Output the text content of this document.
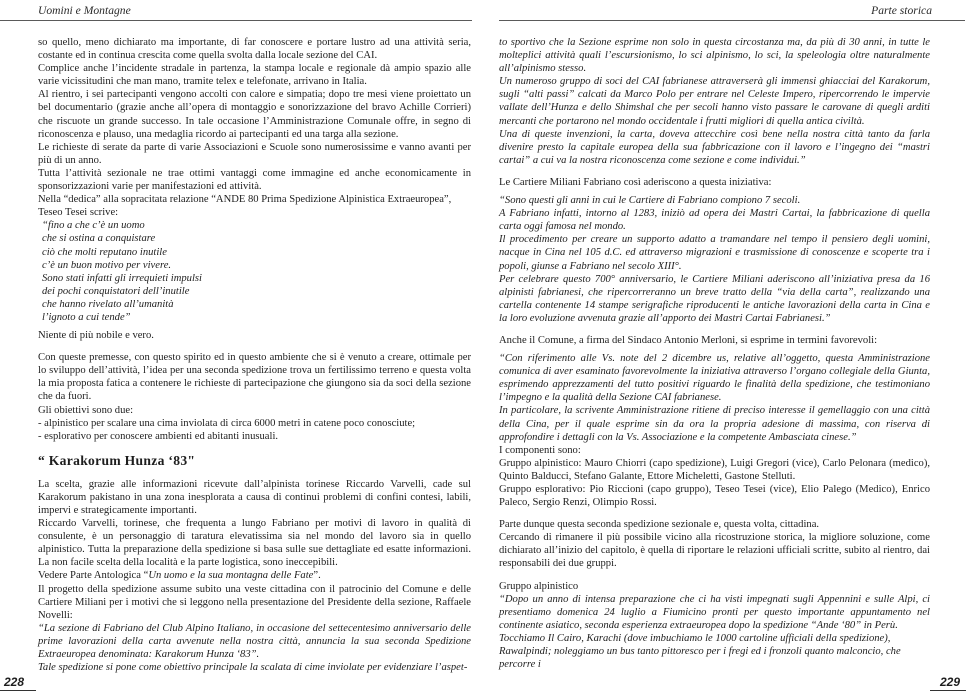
Uomini e Montagne

so quello, meno dichiarato ma importante, di far conoscere e portare lustro ad una attività seria, costante ed in continua crescita come quella svolta dalla locale sezione del CAI.

Complice anche l’incidente stradale in partenza, la stampa locale e regionale dà ampio spazio alle varie vicissitudini che man mano, tramite telex e telefonate, arrivano in Italia.

Al rientro, i sei partecipanti vengono accolti con calore e simpatia; dopo tre mesi viene proiettato un bel documentario (grazie anche all’opera di montaggio e sonorizzazione del bravo Achille Corrieri) che riscuote un grande successo. In tale occasione l’Amministrazione Comunale offre, in segno di riconoscenza e plauso, una medaglia ricordo ai partecipanti ed una targa alla sezione.

Le richieste di serate da parte di varie Associazioni e Scuole sono numerosissime e vanno avanti per più di un anno.

Tutta l’attività sezionale ne trae ottimi vantaggi come immagine ed anche economicamente in sponsorizzazioni varie per manifestazioni ed attività.

Nella “dedica” alla sopracitata relazione “ANDE 80 Prima Spedizione Alpinistica Extraeuropea”,

Teseo Tesei scrive:

“fino a che c’è un uomo
che si ostina a conquistare
ciò che molti reputano inutile
c’è un buon motivo per vivere.
Sono stati infatti gli irrequieti impulsi
dei pochi conquistatori dell’inutile
che hanno rivelato all’umanità
l’ignoto a cui tende”

Niente di più nobile e vero.

Con queste premesse, con questo spirito ed in questo ambiente che si è venuto a creare, ottimale per lo sviluppo dell’attività, l’idea per una seconda spedizione trova un fertilissimo terreno e questa volta la mia proposta fatica a contenere le richieste di partecipazione che giungono sia da soci della sezione che da fuori.

Gli obiettivi sono due:

- alpinistico per scalare una cima inviolata di circa 6000 metri in catene poco conosciute;

- esplorativo per conoscere ambienti ed abitanti inusuali.

“ Karakorum Hunza ‘83"

La scelta, grazie alle informazioni ricevute dall’alpinista torinese Riccardo Varvelli, cade sul Karakorum pakistano in una zona inesplorata a causa di continui problemi di confini contesi, labili, impervi e strategicamente importanti.

Riccardo Varvelli, torinese, che frequenta a lungo Fabriano per motivi di lavoro in qualità di consulente, è un personaggio di taratura elevatissima sia nel mondo del lavoro sia in quello alpinistico. Tutta la preparazione della spedizione si basa sulle sue dettagliate ed esatte informazioni. La non facile scelta della località e la parte logistica, sono ineccepibili.

Vedere Parte Antologica “Un uomo e la sua montagna delle Fate”.

Il progetto della spedizione assume subito una veste cittadina con il patrocinio del Comune e delle Cartiere Miliani per i motivi che si leggono nella presentazione del Presidente della sezione, Raffaele Novelli:

“La sezione di Fabriano del Club Alpino Italiano, in occasione del settecentesimo anniversario delle prime lavorazioni della carta avvenute nella nostra città, annuncia la sua seconda Spedizione Extraeuropea denominata: Karakorum Hunza ‘83”.

Tale spedizione si pone come obiettivo principale la scalata di cime inviolate per evidenziare l’aspet-

228
Parte storica

to sportivo che la Sezione esprime non solo in questa circostanza ma, da più di 30 anni, in tutte le molteplici attività quali l’escursionismo, lo sci alpinismo, lo sci, la speleologia oltre naturalmente all’alpinismo stesso.

Un numeroso gruppo di soci del CAI fabrianese attraverserà gli immensi ghiacciai del Karakorum, sugli “alti passi” calcati da Marco Polo per entrare nel Celeste Impero, ripercorrendo le impervie vallate dell’Hunza e dello Shimshal che per secoli hanno visto passare le carovane di quegli arditi mercanti che portarono nel mondo occidentale i frutti migliori di quella antica civiltà.

Una di queste invenzioni, la carta, doveva attecchire così bene nella nostra città tanto da farla divenire presto la capitale europea della sua fabbricazione con il lavoro e l’ingegno dei “mastri cartai” a cui va la nostra riconoscenza come sezione e come individui.”

Le Cartiere Miliani Fabriano così aderiscono a questa iniziativa:

“Sono questi gli anni in cui le Cartiere di Fabriano compiono 7 secoli.

A Fabriano infatti, intorno al 1283, iniziò ad opera dei Mastri Cartai, la fabbricazione di quella carta oggi famosa nel mondo.

Il procedimento per creare un supporto adatto a tramandare nel tempo il pensiero degli uomini, nacque in Cina nel 105 d.C. ed attraverso migrazioni e trasmissione di conoscenze e scoperte tra i popoli, giunse a Fabriano nel secolo XIII°.

Per celebrare questo 700° anniversario, le Cartiere Miliani aderiscono all’iniziativa presa da 16 alpinisti fabrianesi, che ripercorreranno un breve tratto della “via della carta”, realizzando una cartella contenente 14 stampe serigrafiche riproducenti le antiche lavorazioni della carta in Cina e la loro evoluzione avvenuta grazie all’apporto dei Mastri Cartai Fabrianesi.”

Anche il Comune, a firma del Sindaco Antonio Merloni, si esprime in termini favorevoli:

“Con riferimento alle Vs. note del 2 dicembre us, relative all’oggetto, questa Amministrazione comunica di aver esaminato favorevolmente la iniziativa attraverso l’organo collegiale della Giunta, esprimendo apprezzamenti del tutto positivi riguardo le finalità della spedizione, che testimoniano l’impegno e la qualità della Sezione CAI fabrianese.

In particolare, la scrivente Amministrazione ritiene di preciso interesse il gemellaggio con una città della Cina, per il quale esprime sin da ora la propria adesione di massima, con riserva di approfondire i dettagli con la Vs. Associazione e la competente Ambasciata cinese.”

I componenti sono:

Gruppo alpinistico: Mauro Chiorri (capo spedizione), Luigi Gregori (vice), Carlo Pelonara (medico), Quinto Balducci, Stefano Galante, Ettore Micheletti, Gastone Stelluti.

Gruppo esplorativo: Pio Riccioni (capo gruppo), Teseo Tesei (vice), Elio Palego (Medico), Enrico Paleco, Sergio Renzi, Olimpio Rossi.

Parte dunque questa seconda spedizione sezionale e, questa volta, cittadina.

Cercando di rimanere il più possibile vicino alla ricostruzione storica, la migliore soluzione, come dichiarato all’inizio del capitolo, è quella di riportare le relazioni ufficiali scritte, subito al rientro, dai responsabili dei due gruppi.

Gruppo alpinistico

“Dopo un anno di intensa preparazione che ci ha visti impegnati sugli Appennini e sulle Alpi, ci presentiamo domenica 24 luglio a Fiumicino pronti per questo importante appuntamento nel continente asiatico, seconda esperienza extraeuropea dopo la spedizione “Ande ‘80” in Perù.

Tocchiamo Il Cairo, Karachi (dove imbuchiamo le 1000 cartoline ufficiali della spedizione), Rawalpindi; noleggiamo un bus tanto pittoresco per i fregi ed i fronzoli quanto malconcio, che percorre i

229
